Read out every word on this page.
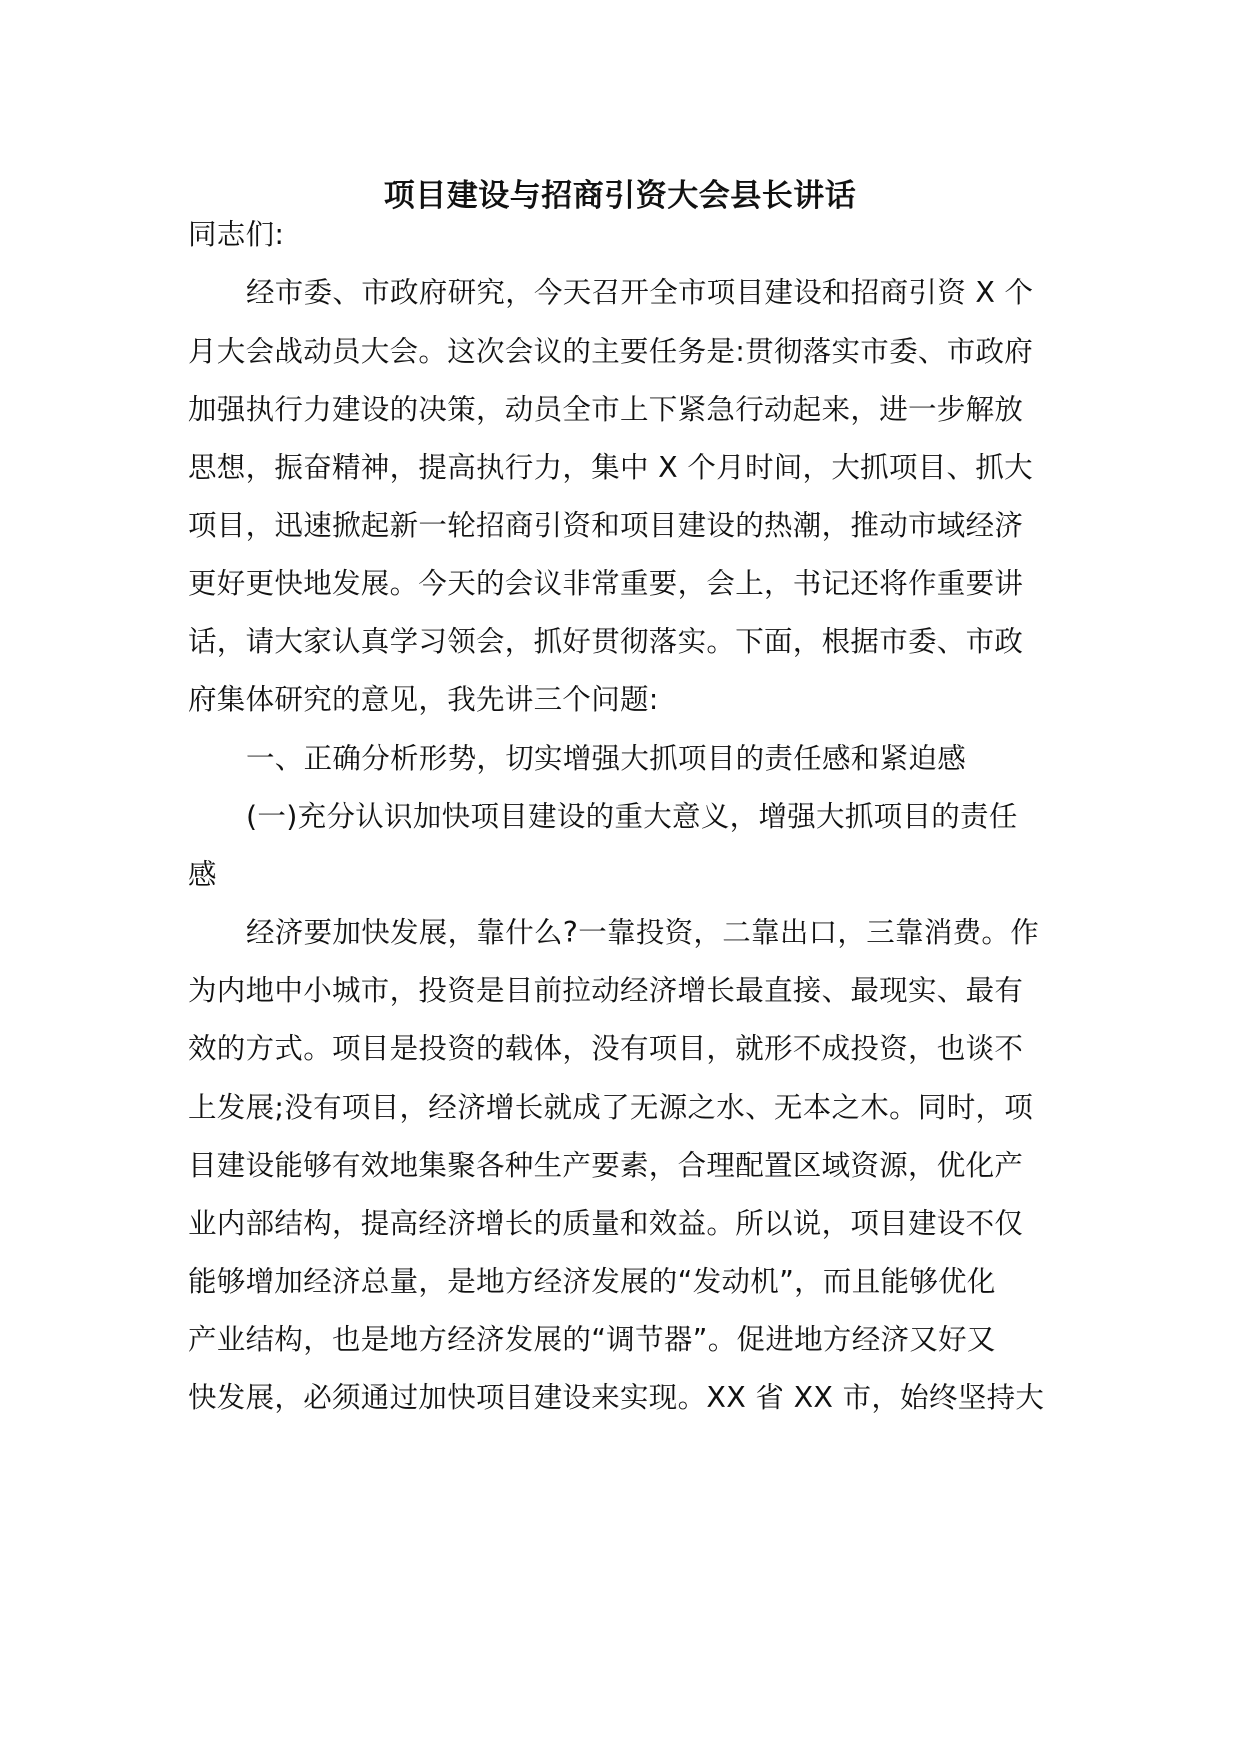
项目建设与招商引资大会县长讲话
同志们:
经市委、市政府研究，今天召开全市项目建设和招商引资 X 个
月大会战动员大会。这次会议的主要任务是:贯彻落实市委、市政府
加强执行力建设的决策，动员全市上下紧急行动起来，进一步解放
思想，振奋精神，提高执行力，集中 X 个月时间，大抓项目、抓大
项目，迅速掀起新一轮招商引资和项目建设的热潮，推动市域经济
更好更快地发展。今天的会议非常重要，会上，书记还将作重要讲
话，请大家认真学习领会，抓好贯彻落实。下面，根据市委、市政
府集体研究的意见，我先讲三个问题:
一、正确分析形势，切实增强大抓项目的责任感和紧迫感
(一)充分认识加快项目建设的重大意义，增强大抓项目的责任
感
经济要加快发展，靠什么?一靠投资，二靠出口，三靠消费。作
为内地中小城市，投资是目前拉动经济增长最直接、最现实、最有
效的方式。项目是投资的载体，没有项目，就形不成投资，也谈不
上发展;没有项目，经济增长就成了无源之水、无本之木。同时，项
目建设能够有效地集聚各种生产要素，合理配置区域资源，优化产
业内部结构，提高经济增长的质量和效益。所以说，项目建设不仅
能够增加经济总量，是地方经济发展的“发动机”，而且能够优化
产业结构，也是地方经济发展的“调节器”。促进地方经济又好又
快发展，必须通过加快项目建设来实现。XX 省 XX 市，始终坚持大
